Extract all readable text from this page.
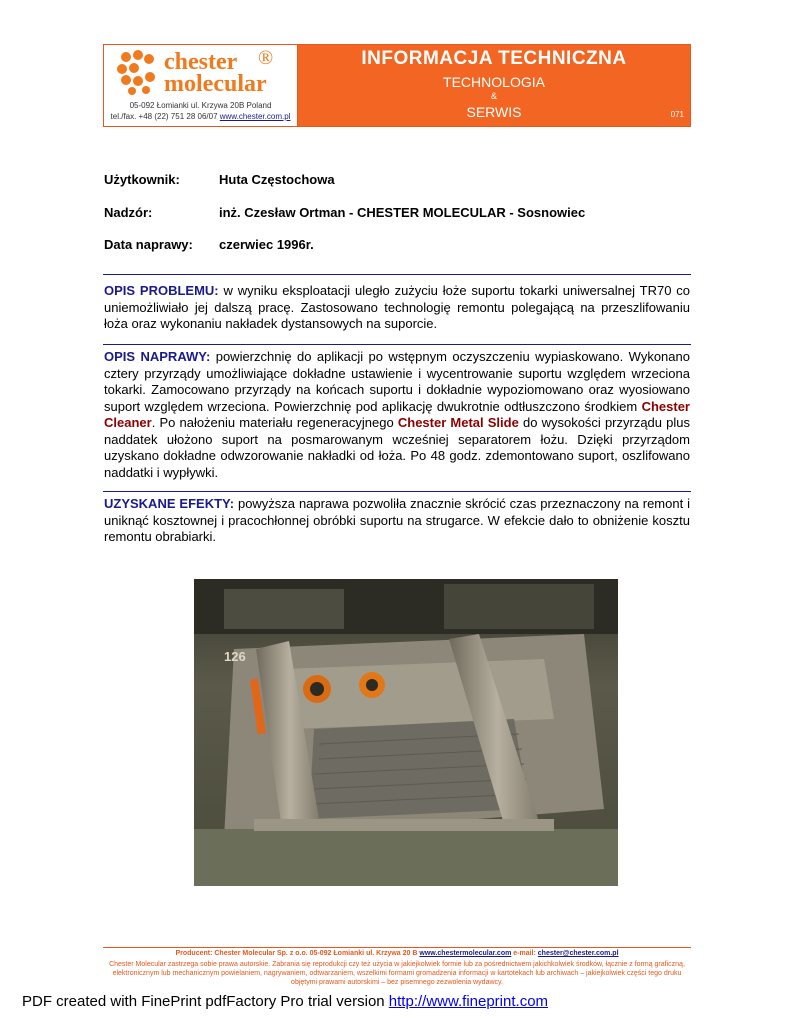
chester
molecular
®
05-092 Łomianki ul. Krzywa 20B Poland
tel./fax. +48 (22) 751 28 06/07 www.chester.com.pl
INFORMACJA TECHNICZNA
TECHNOLOGIA
&
SERWIS	071
Użytkownik:	Huta Częstochowa
Nadzór:	inż. Czesław Ortman - CHESTER MOLECULAR - Sosnowiec
Data naprawy: czerwiec 1996r.
OPIS PROBLEMU: w wyniku eksploatacji uległo zużyciu łoże suportu tokarki uniwersalnej TR70 co uniemożliwiało jej dalszą pracę. Zastosowano technologię remontu polegającą na przeszlifowaniu łoża oraz wykonaniu nakładek dystansowych na suporcie.
OPIS NAPRAWY: powierzchnię do aplikacji po wstępnym oczyszczeniu wypiaskowano. Wykonano cztery przyrządy umożliwiające dokładne ustawienie i wycentrowanie suportu względem wrzeciona tokarki. Zamocowano przyrządy na końcach suportu i dokładnie wypoziomowano oraz wyosiowano suport względem wrzeciona. Powierzchnię pod aplikację dwukrotnie odtłuszczono środkiem Chester Cleaner. Po nałożeniu materiału regeneracyjnego Chester Metal Slide do wysokości przyrządu plus naddatek ułożono suport na posmarowanym wcześniej separatorem łożu. Dzięki przyrządom uzyskano dokładne odwzorowanie nakładki od łoża. Po 48 godz. zdemontowano suport, oszlifowano naddatki i wypływki.
UZYSKANE EFEKTY: powyższa naprawa pozwoliła znacznie skrócić czas przeznaczony na remont i uniknąć kosztownej i pracochłonnej obróbki suportu na strugarce. W efekcie dało to obniżenie kosztu remontu obrabiarki.
126
Producent: Chester Molecular Sp. z o.o. 05-092 Łomianki ul. Krzywa 20 B www.chestermolecular.com e-mail: chester@chester.com.pl
Chester Molecular zastrzega sobie prawa autorskie. Zabrania się reprodukcji czy też użycia w jakiejkolwiek formie lub za pośrednictwem jakichkolwiek środków, łącznie z formą graficzną,
elektronicznym lub mechanicznym powielaniem, nagrywaniem, odtwarzaniem, wszelkimi formami gromadzenia informacji w kartotekach lub archiwach – jakiejkolwiek części tego druku
objętymi prawami autorskimi – bez pisemnego zezwolenia wydawcy.
PDF created with FinePrint pdfFactory Pro trial version http://www.fineprint.com
